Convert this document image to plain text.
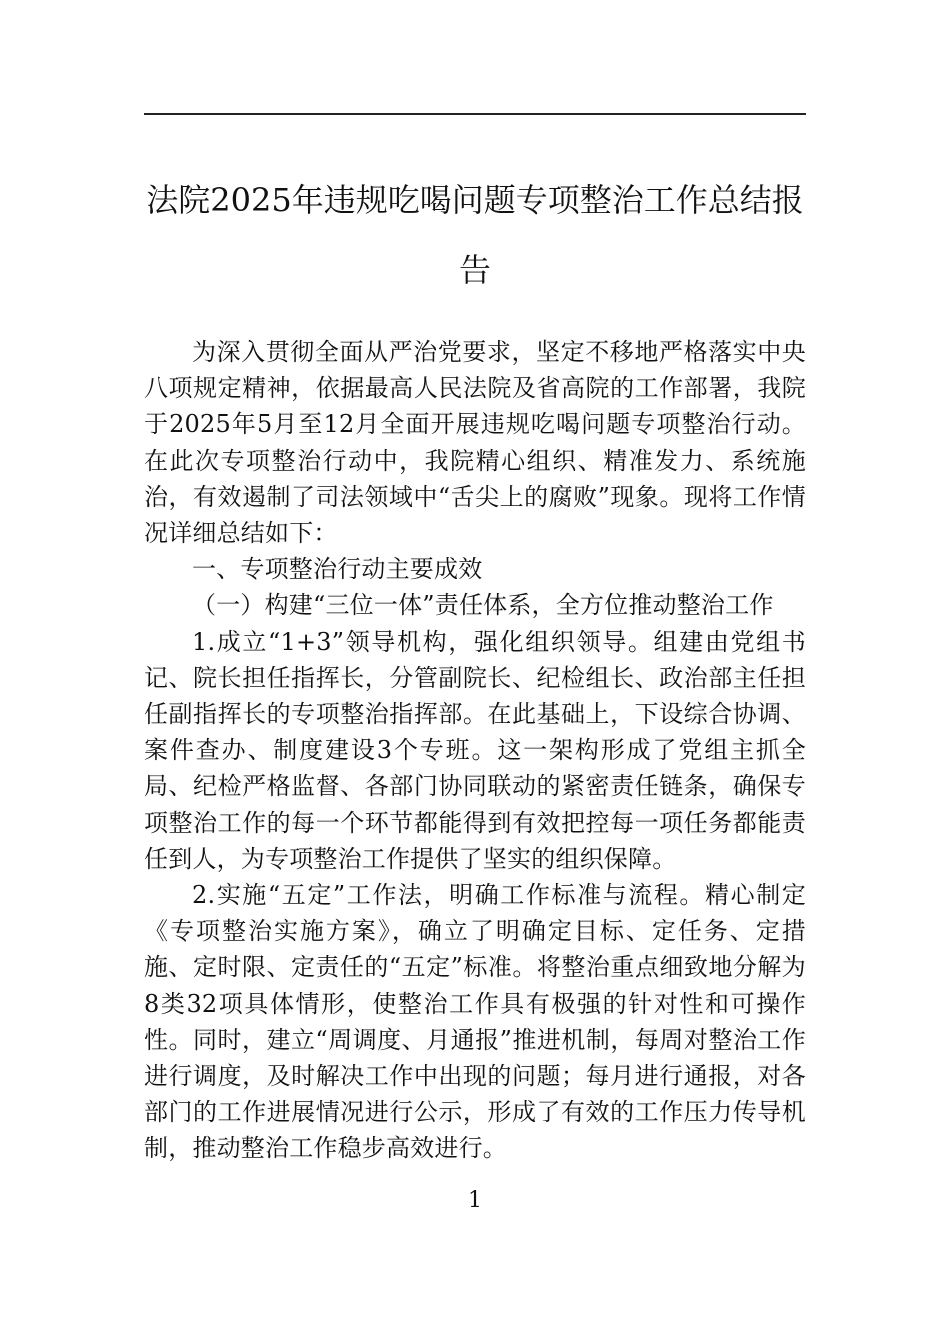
法院2025年违规吃喝问题专项整治工作总结报告

为深入贯彻全面从严治党要求，坚定不移地严格落实中央八项规定精神，依据最高人民法院及省高院的工作部署，我院于2025年5月至12月全面开展违规吃喝问题专项整治行动。在此次专项整治行动中，我院精心组织、精准发力、系统施治，有效遏制了司法领域中“舌尖上的腐败”现象。现将工作情况详细总结如下：

一、专项整治行动主要成效

（一）构建“三位一体”责任体系，全方位推动整治工作

1.成立“1+3”领导机构，强化组织领导。组建由党组书记、院长担任指挥长，分管副院长、纪检组长、政治部主任担任副指挥长的专项整治指挥部。在此基础上，下设综合协调、案件查办、制度建设3个专班。这一架构形成了党组主抓全局、纪检严格监督、各部门协同联动的紧密责任链条，确保专项整治工作的每一个环节都能得到有效把控每一项任务都能责任到人，为专项整治工作提供了坚实的组织保障。

2.实施“五定”工作法，明确工作标准与流程。精心制定《专项整治实施方案》，确立了明确定目标、定任务、定措施、定时限、定责任的“五定”标准。将整治重点细致地分解为8类32项具体情形，使整治工作具有极强的针对性和可操作性。同时，建立“周调度、月通报”推进机制，每周对整治工作进行调度，及时解决工作中出现的问题；每月进行通报，对各部门的工作进展情况进行公示，形成了有效的工作压力传导机制，推动整治工作稳步高效进行。

1
